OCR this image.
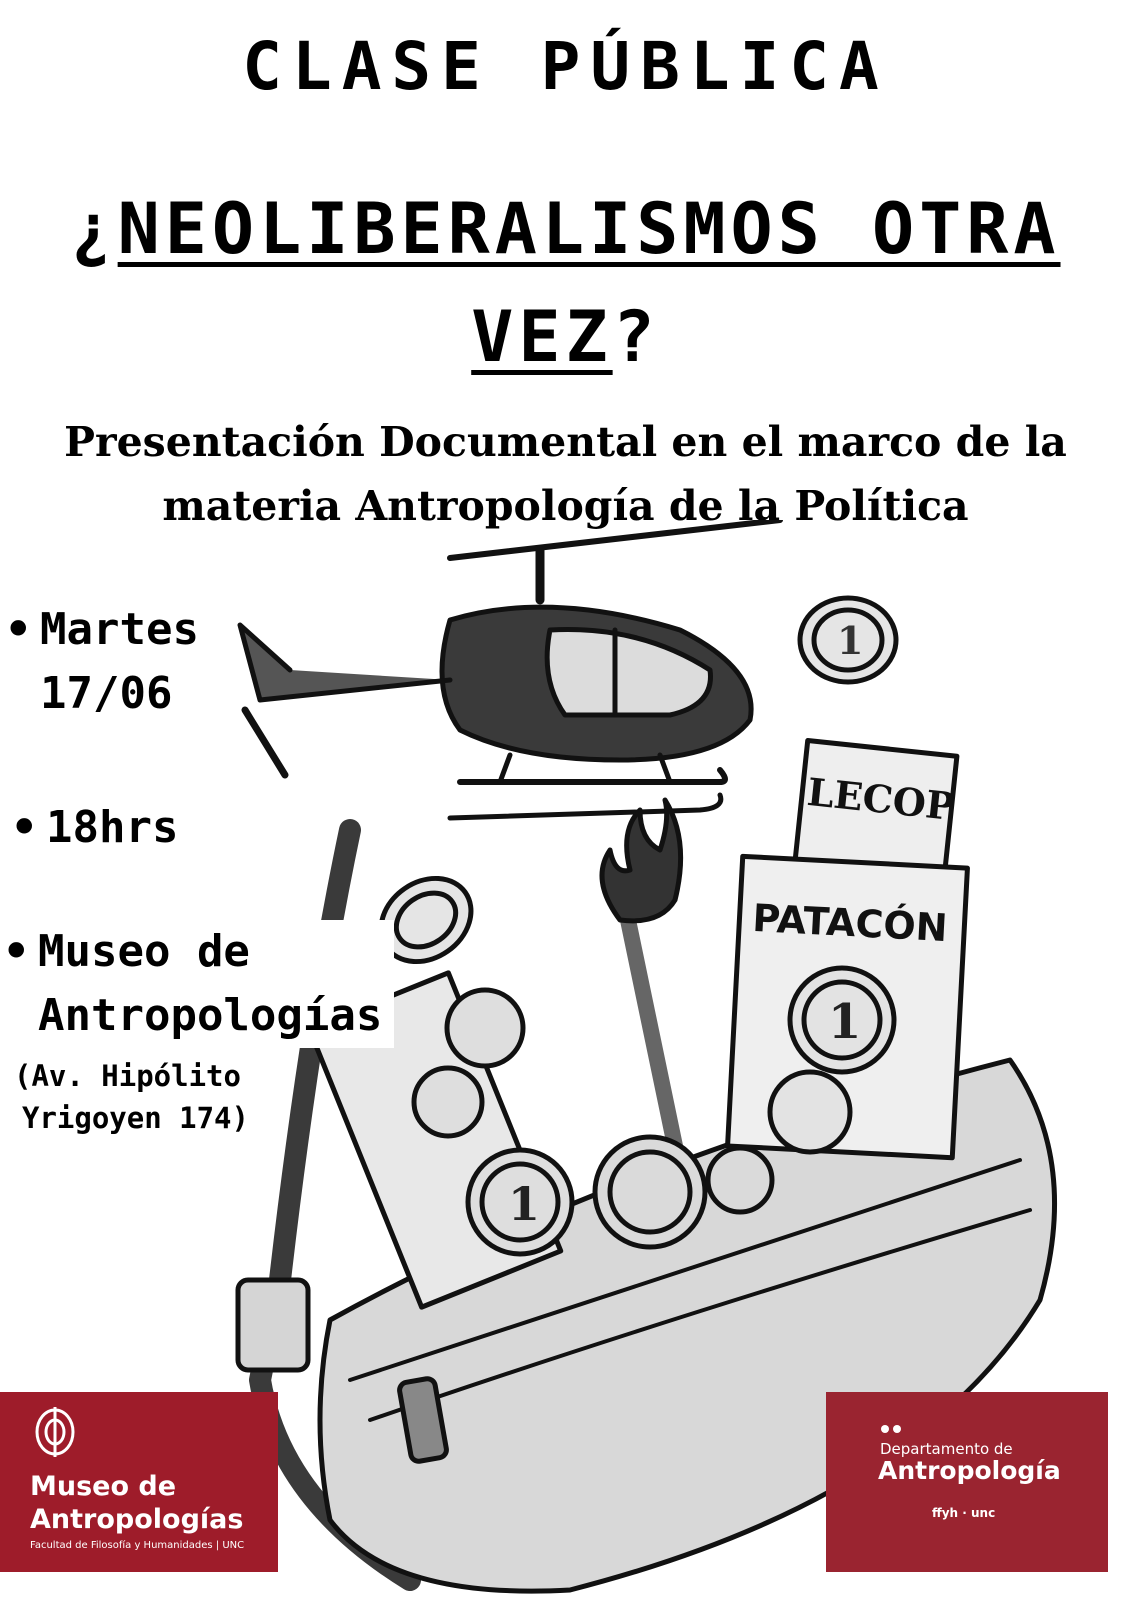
CLASE PÚBLICA
¿NEOLIBERALISMOS OTRA
VEZ?
Presentación Documental en el marco de la
materia Antropología de la Política
1
LECOP
PATACÓN
1
1
• Martes
17/06
• 18hrs
• Museo de
Antropologías
(Av. Hipólito
Yrigoyen 174)
Museo de
Antropologías
Facultad de Filosofía y Humanidades | UNC
Departamento de
Antropología
ffyh · unc
